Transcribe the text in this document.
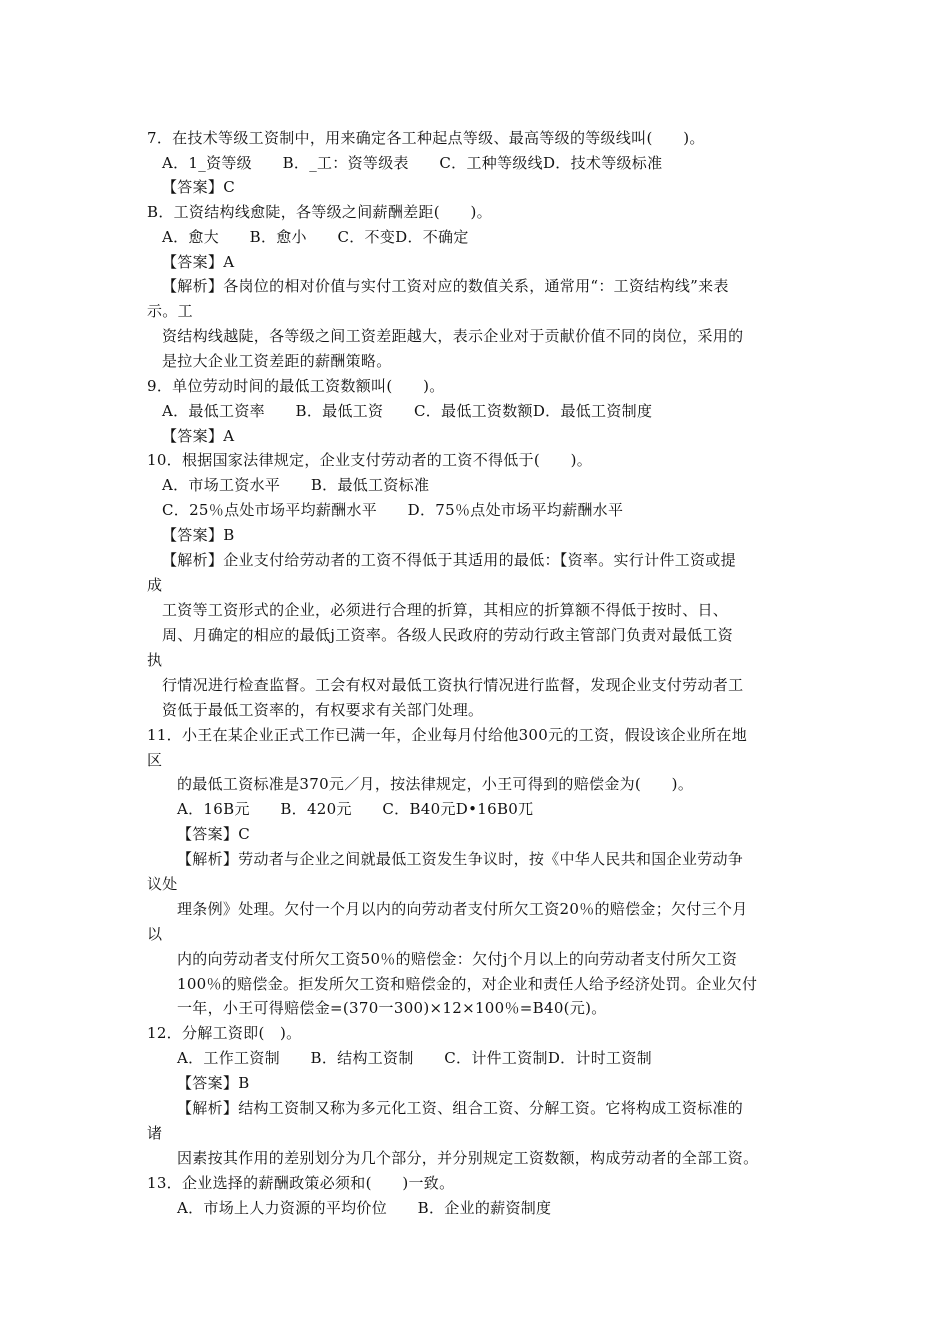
7．在技术等级工资制中，用来确定各工种起点等级、最高等级的等级线叫(　　)。
A．1_资等级　　B．_工：资等级表　　C．工种等级线D．技术等级标准
【答案】C
B．工资结构线愈陡，各等级之间薪酬差距(　　)。
A．愈大　　B．愈小　　C．不变D．不确定
【答案】A
【解析】各岗位的相对价值与实付工资对应的数值关系，通常用“：工资结构线”来表
示。工
资结构线越陡，各等级之间工资差距越大，表示企业对于贡献价值不同的岗位，采用的
是拉大企业工资差距的薪酬策略。
9．单位劳动时间的最低工资数额叫(　　)。
A．最低工资率　　B．最低工资　　C．最低工资数额D．最低工资制度
【答案】A
10．根据国家法律规定，企业支付劳动者的工资不得低于(　　)。
A．市场工资水平　　B．最低工资标准
C．25％点处市场平均薪酬水平　　D．75％点处市场平均薪酬水平
【答案】B
【解析】企业支付给劳动者的工资不得低于其适用的最低：【资率。实行计件工资或提
成
工资等工资形式的企业，必须进行合理的折算，其相应的折算额不得低于按时、日、
周、月确定的相应的最低j工资率。各级人民政府的劳动行政主管部门负责对最低工资
执
行情况进行检查监督。工会有权对最低工资执行情况进行监督，发现企业支付劳动者工
资低于最低工资率的，有权要求有关部门处理。
11．小王在某企业正式工作已满一年，企业每月付给他300元的工资，假设该企业所在地
区
的最低工资标准是370元／月，按法律规定，小王可得到的赔偿金为(　　)。
A．16B元　　B．420元　　C．B40元D•16B0兀
【答案】C
【解析】劳动者与企业之间就最低工资发生争议时，按《中华人民共和国企业劳动争
议处
理条例》处理。欠付一个月以内的向劳动者支付所欠工资20％的赔偿金；欠付三个月
以
内的向劳动者支付所欠工资50％的赔偿金：欠付j个月以上的向劳动者支付所欠工资
100％的赔偿金。拒发所欠工资和赔偿金的，对企业和责任人给予经济处罚。企业欠付
一年，小王可得赔偿金=(370一300)×12×100％=B40(元)。
12．分解工资即(　)。
A．工作工资制　　B．结构工资制　　C．计件工资制D．计时工资制
【答案】B
【解析】结构工资制又称为多元化工资、组合工资、分解工资。它将构成工资标准的
诸
因素按其作用的差别划分为几个部分，并分别规定工资数额，构成劳动者的全部工资。
13．企业选择的薪酬政策必须和(　　)一致。
A．市场上人力资源的平均价位　　B．企业的薪资制度
